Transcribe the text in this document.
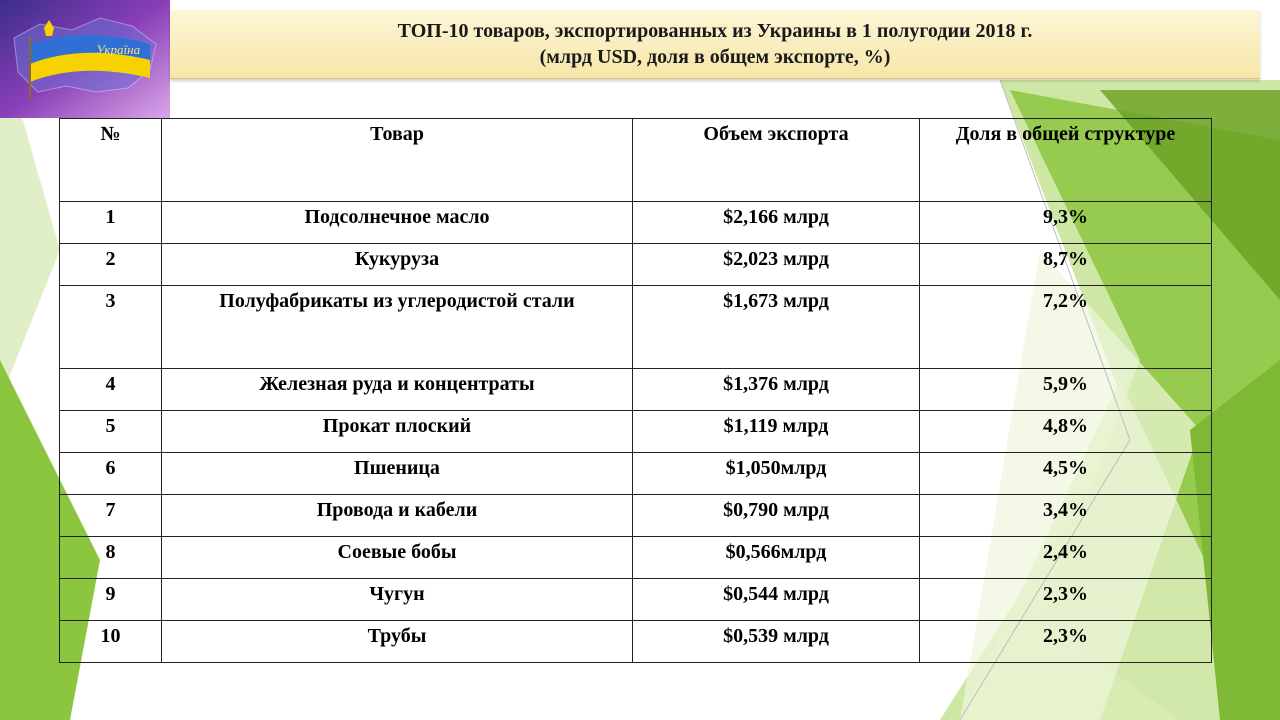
Україна
ТОП-10 товаров, экспортированных из Украины в 1 полугодии 2018 г.
(млрд USD, доля в общем экспорте, %)
№	Товар	Объем экспорта	Доля в общей структуре
1	Подсолнечное масло	$2,166 млрд	9,3%
2	Кукуруза	$2,023 млрд	8,7%
3	Полуфабрикаты из углеродистой стали	$1,673 млрд	7,2%
4	Железная руда и концентраты	$1,376 млрд	5,9%
5	Прокат плоский	$1,119 млрд	4,8%
6	Пшеница	$1,050млрд	4,5%
7	Провода и кабели	$0,790 млрд	3,4%
8	Соевые бобы	$0,566млрд	2,4%
9	Чугун	$0,544 млрд	2,3%
10	Трубы	$0,539 млрд	2,3%
